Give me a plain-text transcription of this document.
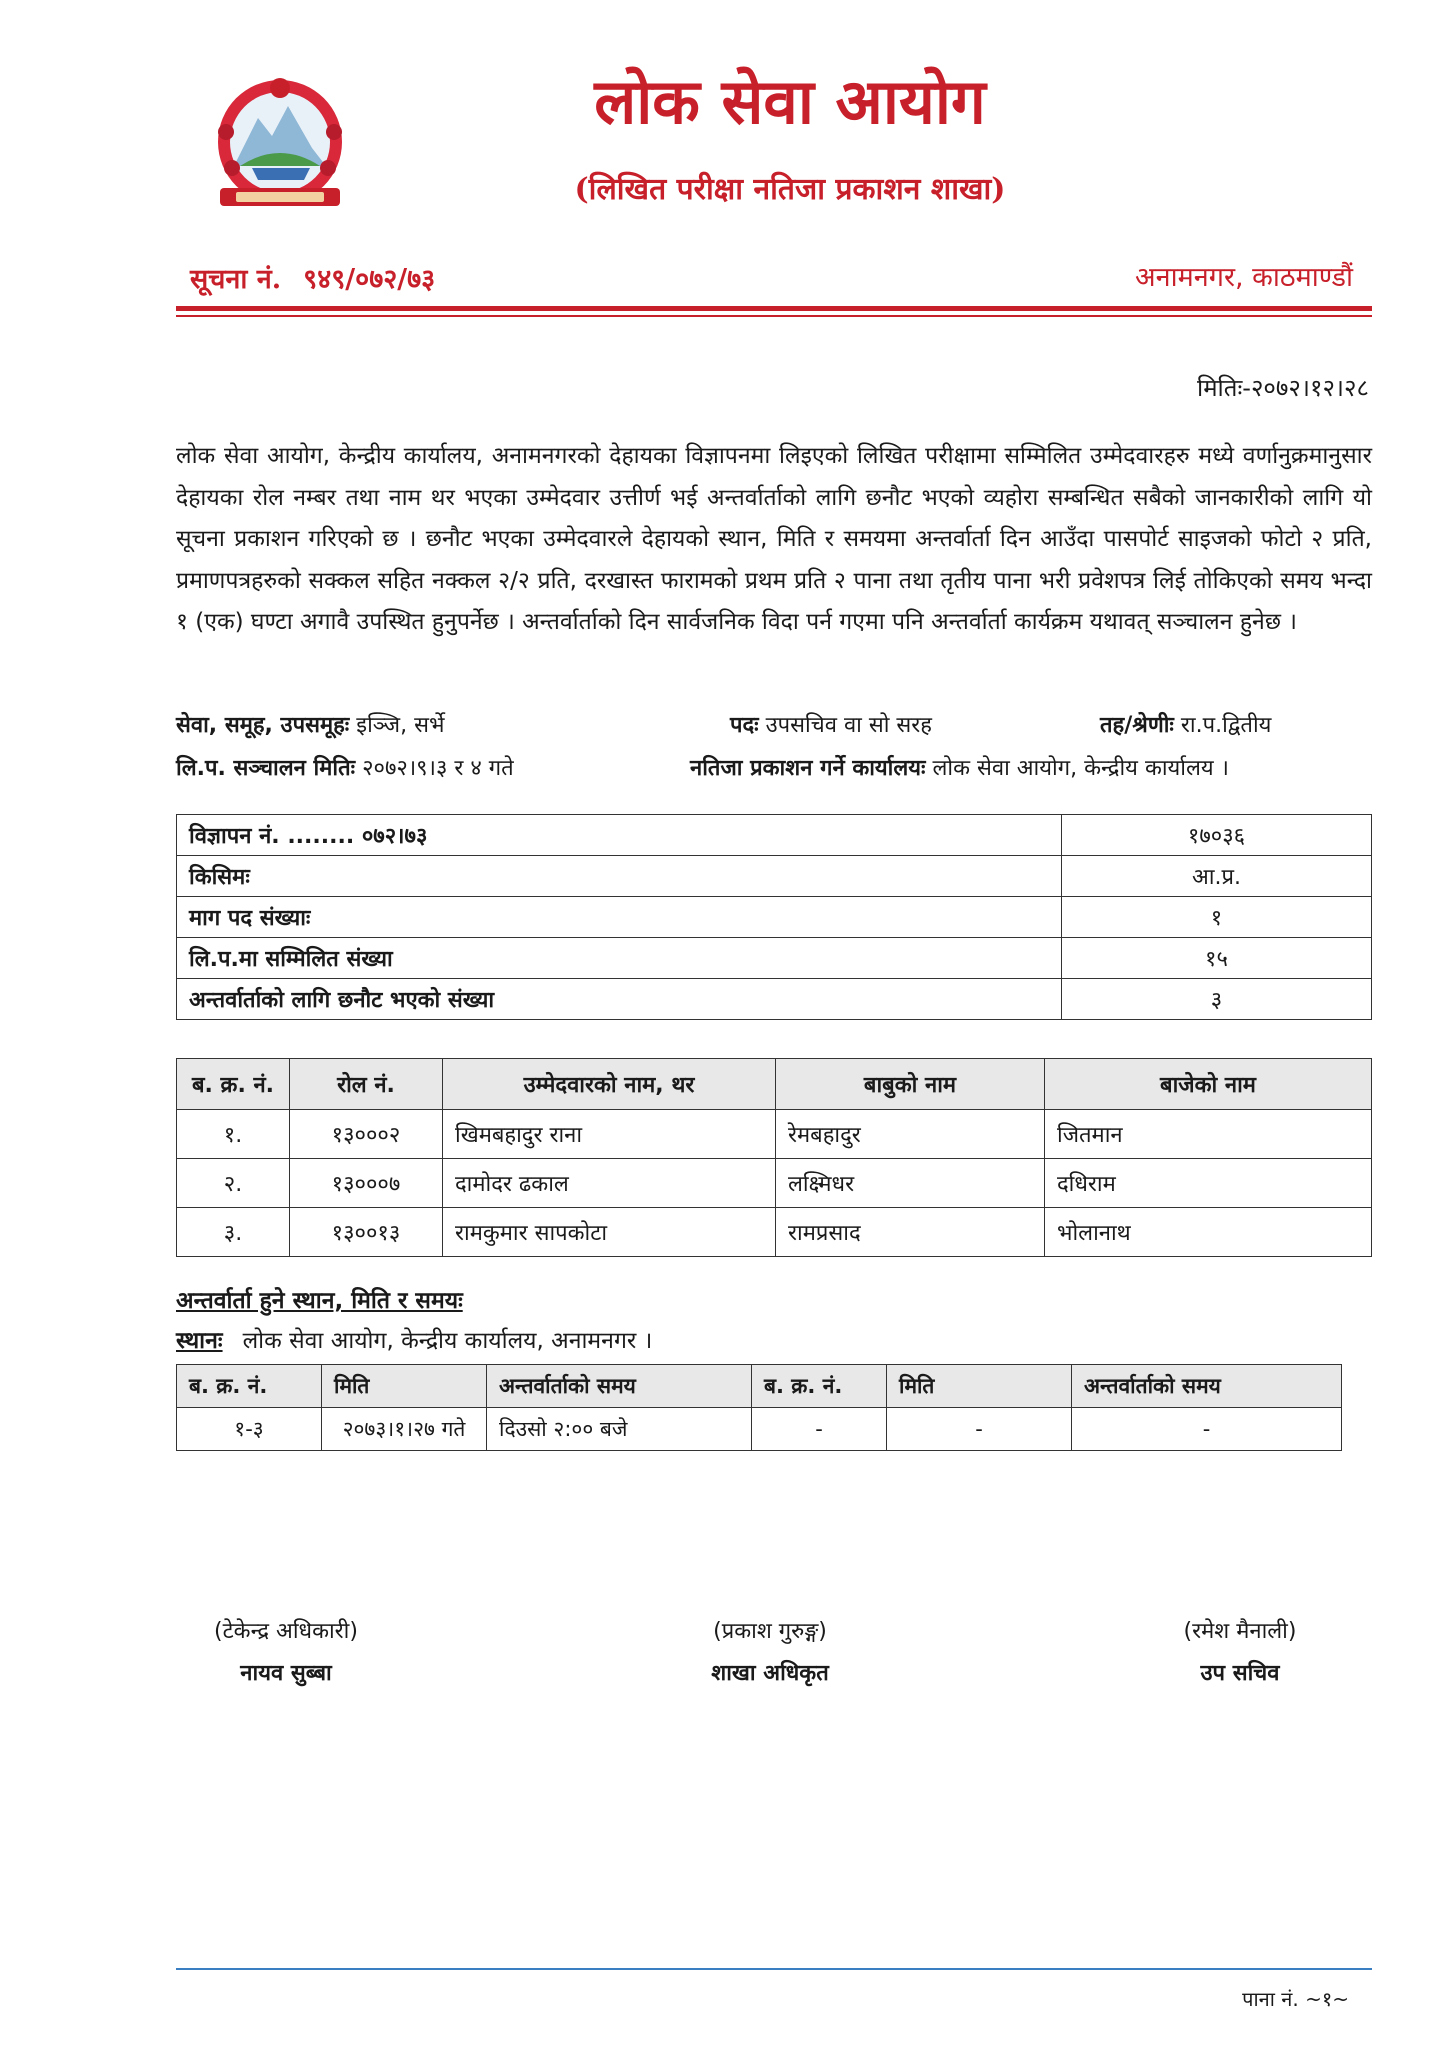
लोक सेवा आयोग
(लिखित परीक्षा नतिजा प्रकाशन शाखा)
सूचना नं. ९४९/०७२/७३	अनामनगर, काठमाण्डौं
मितिः-२०७२।१२।२८
लोक सेवा आयोग, केन्द्रीय कार्यालय, अनामनगरको देहायका विज्ञापनमा लिइएको लिखित परीक्षामा सम्मिलित उम्मेदवारहरु मध्ये वर्णानुक्रमानुसार देहायका रोल नम्बर तथा नाम थर भएका उम्मेदवार उत्तीर्ण भई अन्तर्वार्ताको लागि छनौट भएको व्यहोरा सम्बन्धित सबैको जानकारीको लागि यो सूचना प्रकाशन गरिएको छ । छनौट भएका उम्मेदवारले देहायको स्थान, मिति र समयमा अन्तर्वार्ता दिन आउँदा पासपोर्ट साइजको फोटो २ प्रति, प्रमाणपत्रहरुको सक्कल सहित नक्कल २/२ प्रति, दरखास्त फारामको प्रथम प्रति २ पाना तथा तृतीय पाना भरी प्रवेशपत्र लिई तोकिएको समय भन्दा १ (एक) घण्टा अगावै उपस्थित हुनुपर्नेछ । अन्तर्वार्ताको दिन सार्वजनिक विदा पर्न गएमा पनि अन्तर्वार्ता कार्यक्रम यथावत् सञ्चालन हुनेछ ।
सेवा, समूह, उपसमूहः इञ्जि, सर्भे	पदः उपसचिव वा सो सरह	तह/श्रेणीः रा.प.द्वितीय
लि.प. सञ्चालन मितिः २०७२।९।३ र ४ गते	नतिजा प्रकाशन गर्ने कार्यालयः लोक सेवा आयोग, केन्द्रीय कार्यालय ।
विज्ञापन नं. ........ ०७२।७३	१७०३६
किसिमः	आ.प्र.
माग पद संख्याः	१
लि.प.मा सम्मिलित संख्या	१५
अन्तर्वार्ताको लागि छनौट भएको संख्या	३
ब. क्र. नं.	रोल नं.	उम्मेदवारको नाम, थर	बाबुको नाम	बाजेको नाम
१.	१३०००२	खिमबहादुर राना	रेमबहादुर	जितमान
२.	१३०००७	दामोदर ढकाल	लक्ष्मिधर	दधिराम
३.	१३००१३	रामकुमार सापकोटा	रामप्रसाद	भोलानाथ
अन्तर्वार्ता हुने स्थान, मिति र समयः
स्थानः लोक सेवा आयोग, केन्द्रीय कार्यालय, अनामनगर ।
ब. क्र. नं.	मिति	अन्तर्वार्ताको समय	ब. क्र. नं.	मिति	अन्तर्वार्ताको समय
१-३	२०७३।१।२७ गते	दिउसो २:०० बजे	-	-	-
(टेकेन्द्र अधिकारी)
नायव सुब्बा
(प्रकाश गुरुङ्ग)
शाखा अधिकृत
(रमेश मैनाली)
उप सचिव
पाना नं. ~१~
